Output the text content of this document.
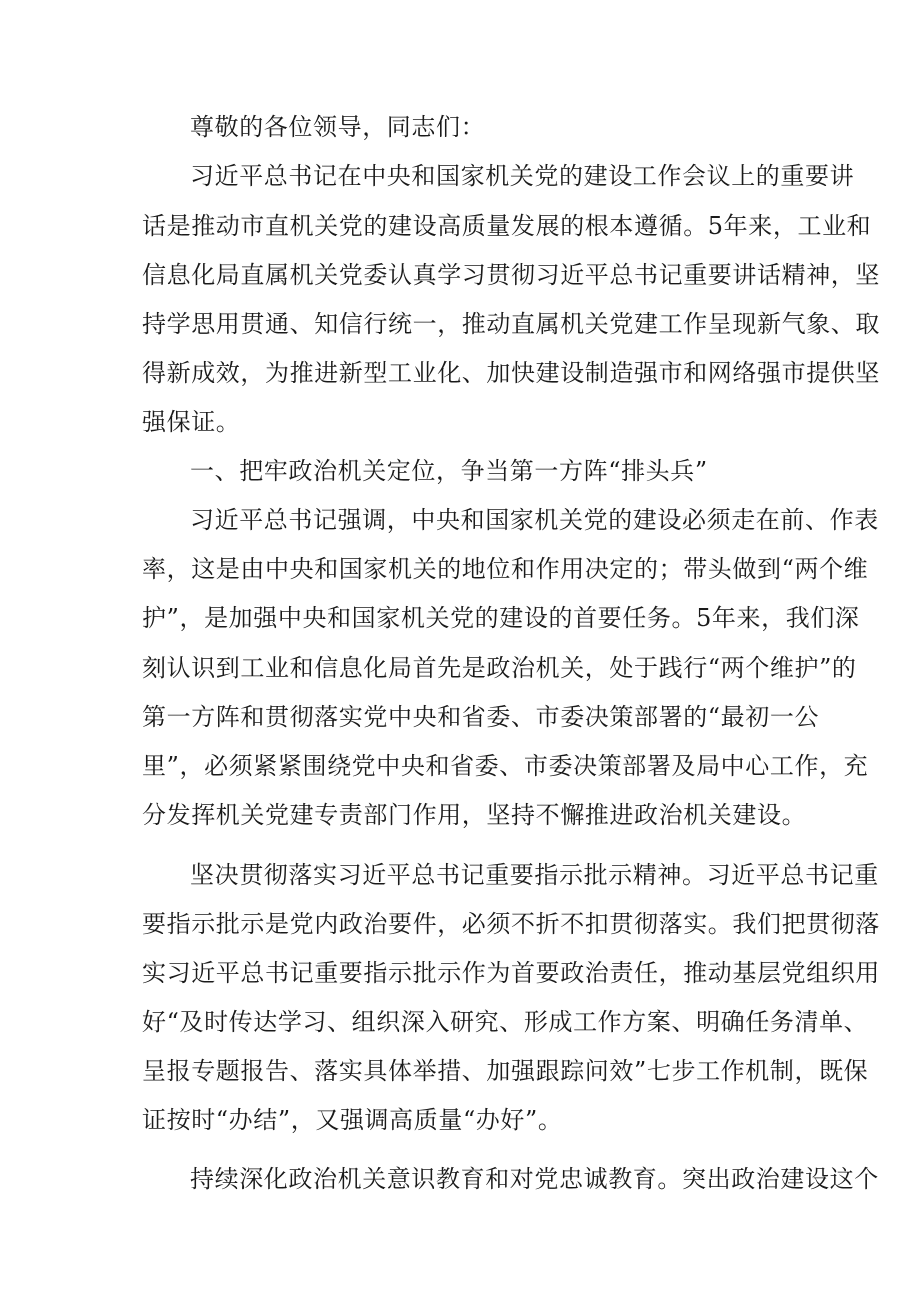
尊敬的各位领导，同志们：
习近平总书记在中央和国家机关党的建设工作会议上的重要讲
话是推动市直机关党的建设高质量发展的根本遵循。5年来，工业和
信息化局直属机关党委认真学习贯彻习近平总书记重要讲话精神，坚
持学思用贯通、知信行统一，推动直属机关党建工作呈现新气象、取
得新成效，为推进新型工业化、加快建设制造强市和网络强市提供坚
强保证。
一、把牢政治机关定位，争当第一方阵“排头兵”
习近平总书记强调，中央和国家机关党的建设必须走在前、作表
率，这是由中央和国家机关的地位和作用决定的；带头做到“两个维
护”，是加强中央和国家机关党的建设的首要任务。5年来，我们深
刻认识到工业和信息化局首先是政治机关，处于践行“两个维护”的
第一方阵和贯彻落实党中央和省委、市委决策部署的“最初一公
里”，必须紧紧围绕党中央和省委、市委决策部署及局中心工作，充
分发挥机关党建专责部门作用，坚持不懈推进政治机关建设。
坚决贯彻落实习近平总书记重要指示批示精神。习近平总书记重
要指示批示是党内政治要件，必须不折不扣贯彻落实。我们把贯彻落
实习近平总书记重要指示批示作为首要政治责任，推动基层党组织用
好“及时传达学习、组织深入研究、形成工作方案、明确任务清单、
呈报专题报告、落实具体举措、加强跟踪问效”七步工作机制，既保
证按时“办结”，又强调高质量“办好”。
持续深化政治机关意识教育和对党忠诚教育。突出政治建设这个
